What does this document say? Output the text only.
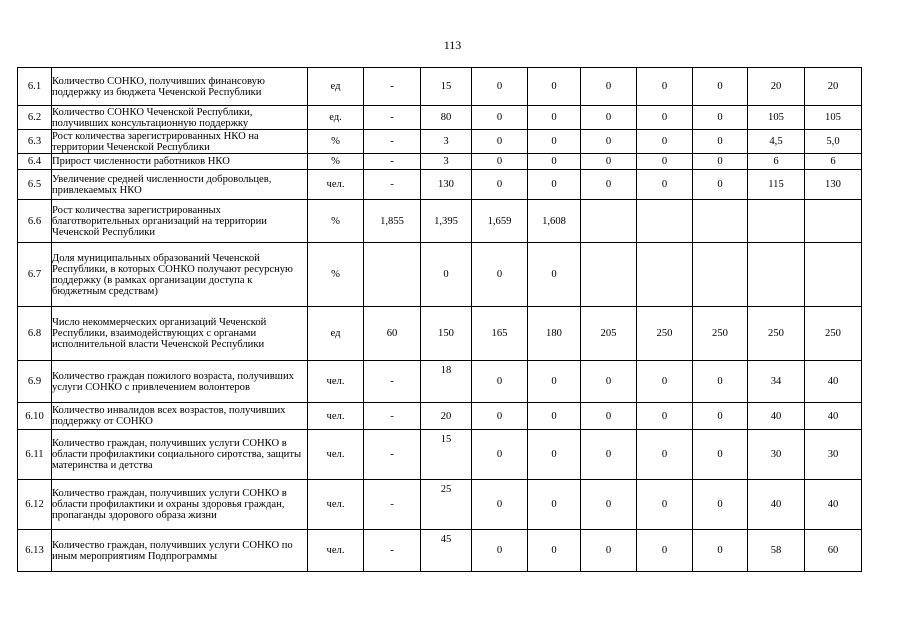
113
6.1	Количество СОНКО, получивших финансовую поддержку из бюджета Чеченской Республики	ед	-	15	0	0	0	0	0	20	20
6.2	Количество СОНКО Чеченской Республики, получивших консультационную поддержку	ед.	-	80	0	0	0	0	0	105	105
6.3	Рост количества зарегистрированных НКО на территории Чеченской Республики	%	-	3	0	0	0	0	0	4,5	5,0
6.4	Прирост численности работников НКО	%	-	3	0	0	0	0	0	6	6
6.5	Увеличение средней численности добровольцев, привлекаемых НКО	чел.	-	130	0	0	0	0	0	115	130
6.6	Рост количества зарегистрированных благотворительных организаций на территории Чеченской Республики	%	1,855	1,395	1,659	1,608					
6.7	Доля муниципальных образований Чеченской Республики, в которых СОНКО получают ресурсную поддержку (в рамках организации доступа к бюджетным средствам)	%		0	0	0					
6.8	Число некоммерческих организаций Чеченской Республики, взаимодействующих с органами исполнительной власти Чеченской Республики	ед	60	150	165	180	205	250	250	250	250
6.9	Количество граждан пожилого возраста, получивших услуги СОНКО с привлечением волонтеров	чел.	-	18	0	0	0	0	0	34	40
6.10	Количество инвалидов всех возрастов, получивших поддержку от СОНКО	чел.	-	20	0	0	0	0	0	40	40
6.11	Количество граждан, получивших услуги СОНКО в области профилактики социального сиротства, защиты материнства и детства	чел.	-	15	0	0	0	0	0	30	30
6.12	Количество граждан, получивших услуги СОНКО в области профилактики и охраны здоровья граждан, пропаганды здорового образа жизни	чел.	-	25	0	0	0	0	0	40	40
6.13	Количество граждан, получивших услуги СОНКО по иным мероприятиям Подпрограммы	чел.	-	45	0	0	0	0	0	58	60
